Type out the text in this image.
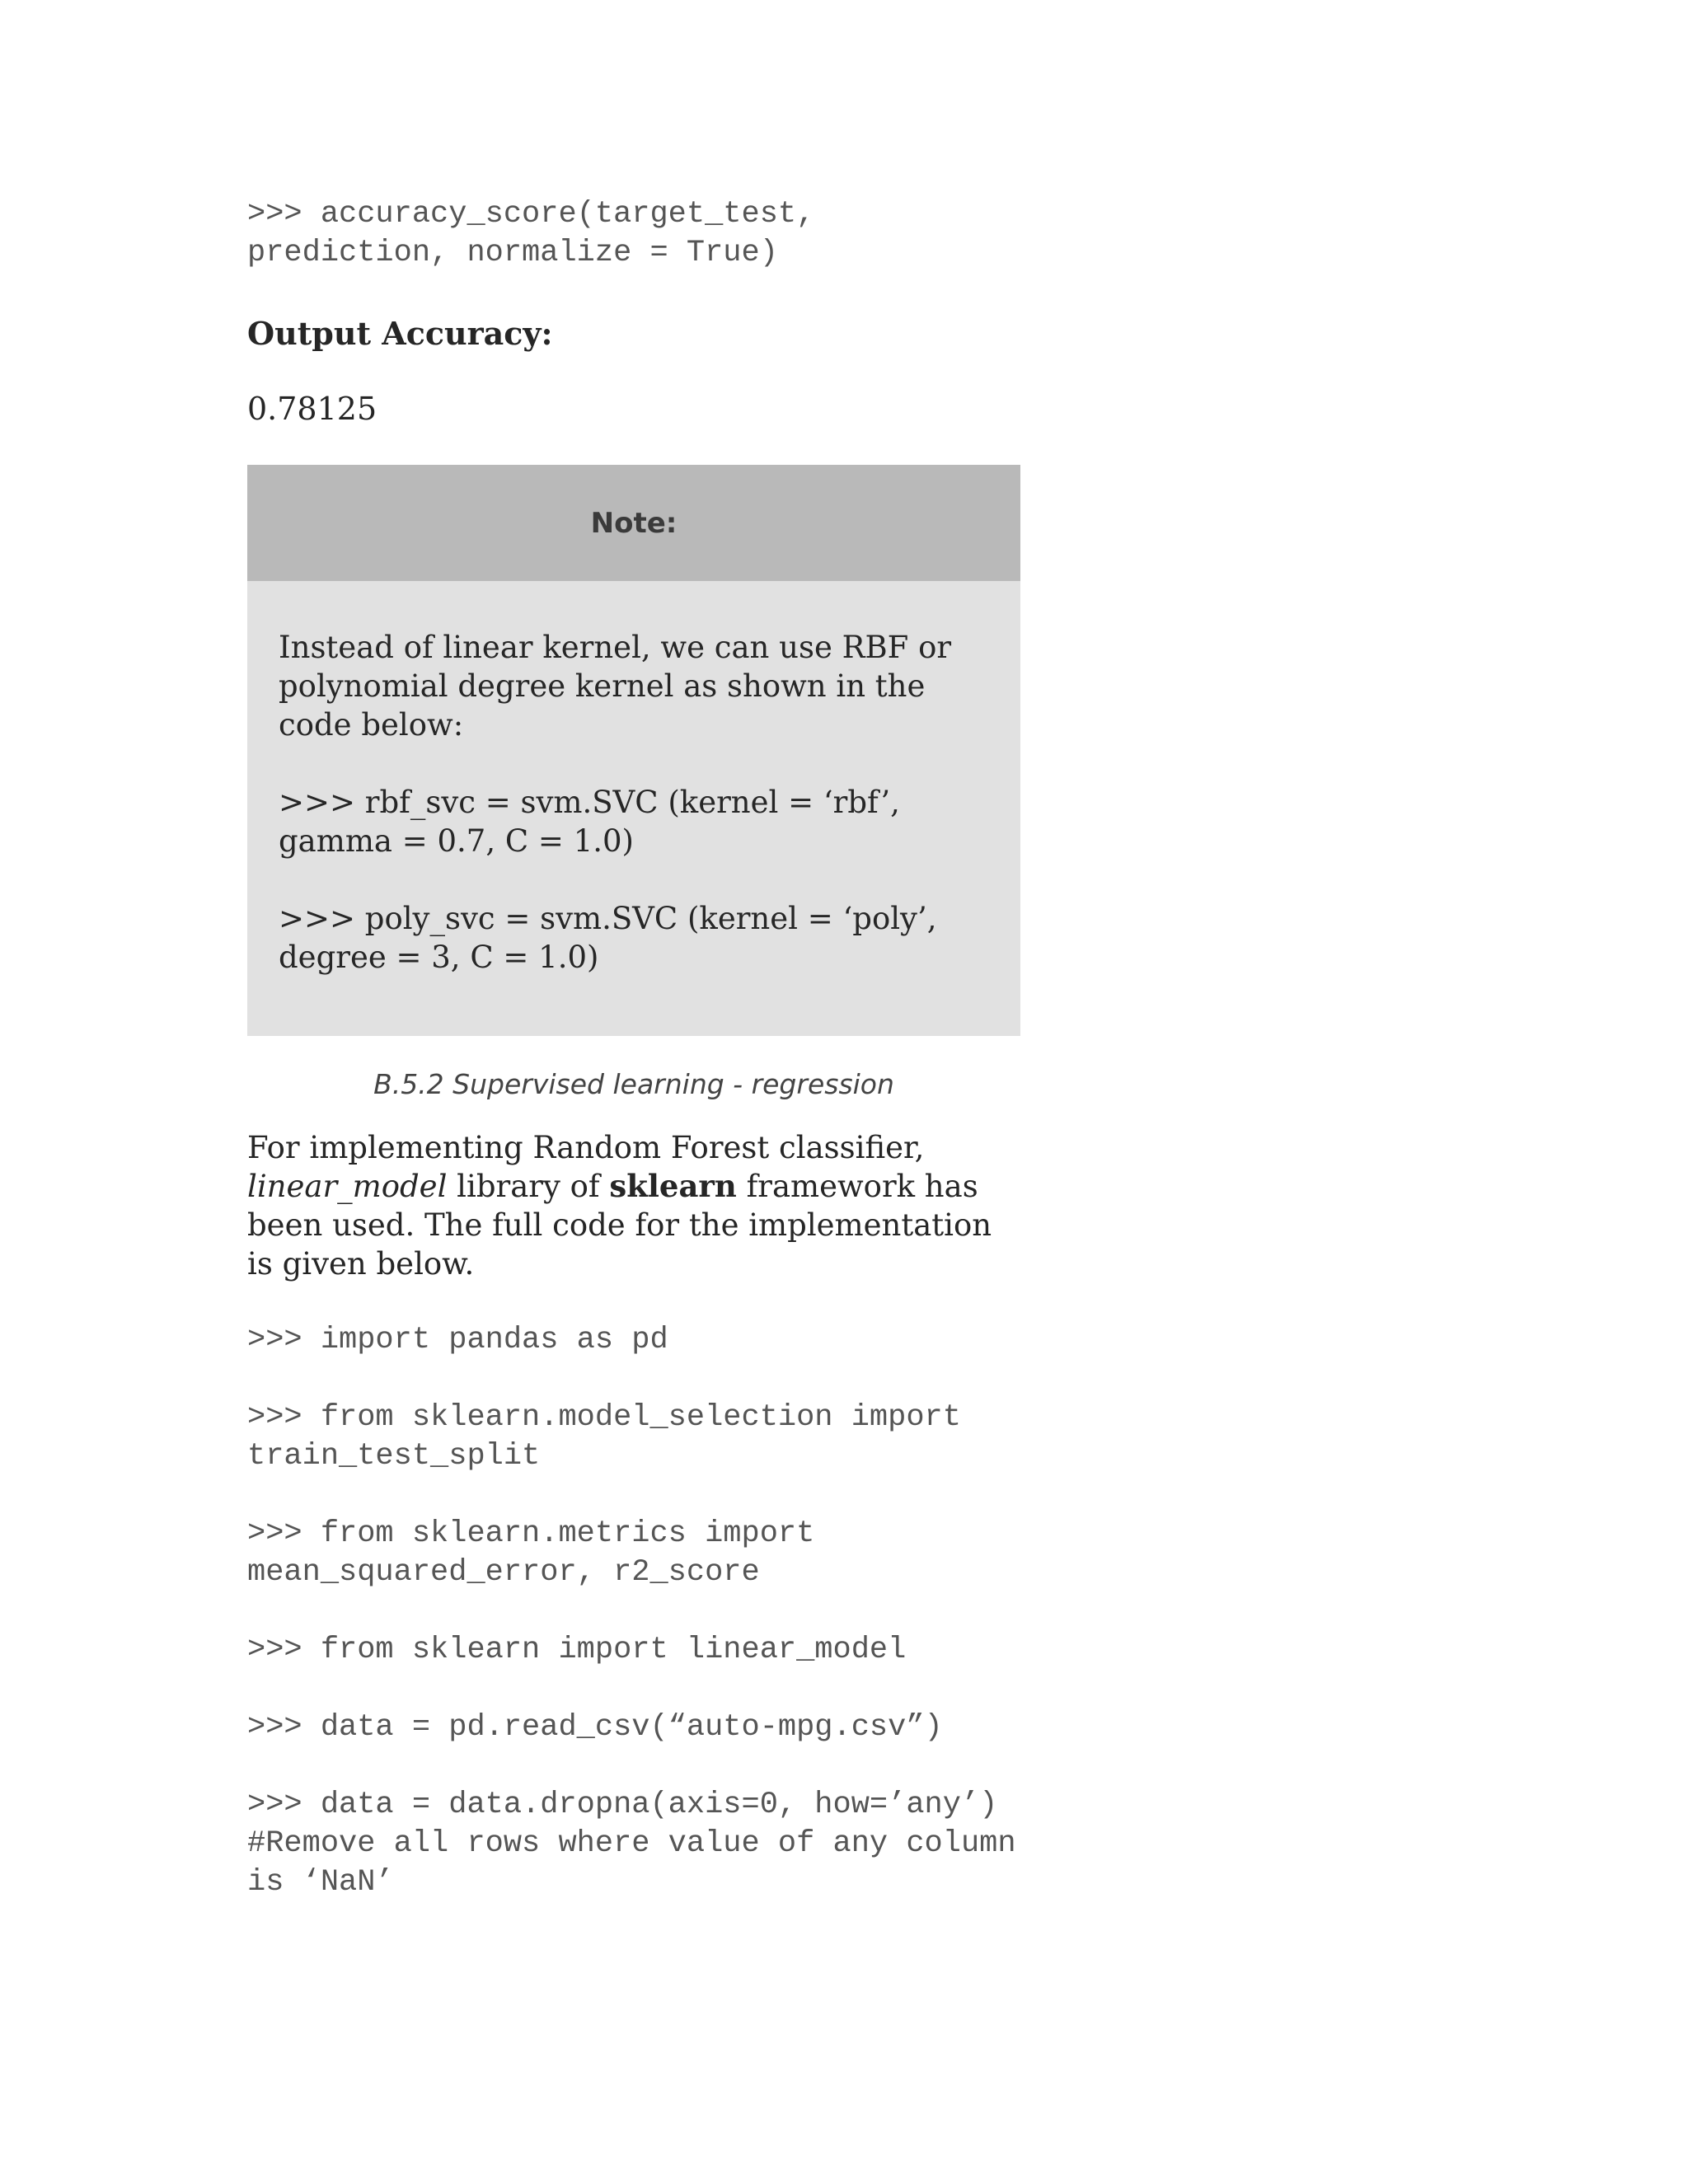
>>> accuracy_score(target_test,
prediction, normalize = True)
Output Accuracy:
0.78125
Note:

Instead of linear kernel, we can use RBF or polynomial degree kernel as shown in the code below:

>>> rbf_svc = svm.SVC (kernel = ‘rbf’, gamma = 0.7, C = 1.0)

>>> poly_svc = svm.SVC (kernel = ‘poly’, degree = 3, C = 1.0)

B.5.2 Supervised learning - regression

For implementing Random Forest classifier, linear_model library of sklearn framework has been used. The full code for the implementation is given below.

>>> import pandas as pd
>>> from sklearn.model_selection import
train_test_split
>>> from sklearn.metrics import
mean_squared_error, r2_score
>>> from sklearn import linear_model
>>> data = pd.read_csv(“auto-mpg.csv”)
>>> data = data.dropna(axis=0, how=’any’)
#Remove all rows where value of any column
is ‘NaN’
